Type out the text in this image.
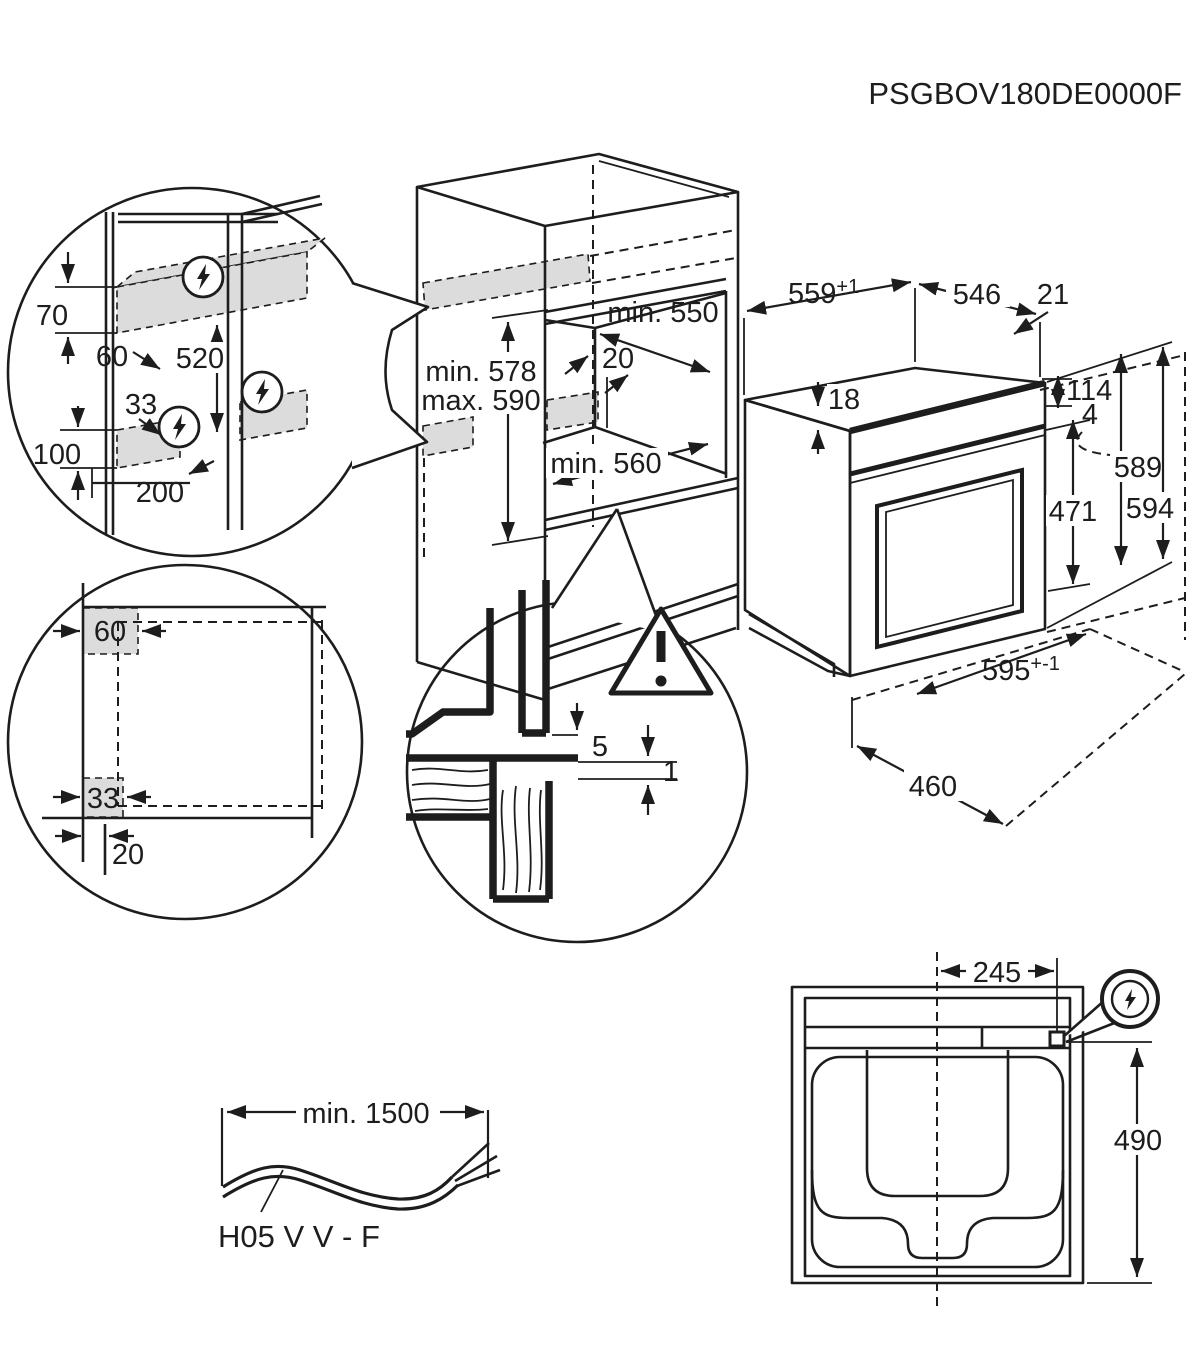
PSGBOV180DE0000F
min. 550
20
min. 578
max. 590
min. 560
70
60 520
33
100
200
60
33
20
5
1
$559^{+1}$	546 21
18	114
4
589
594
471
$595^{+-1}$
460
min. 1500
H05 V V - F
245
490
